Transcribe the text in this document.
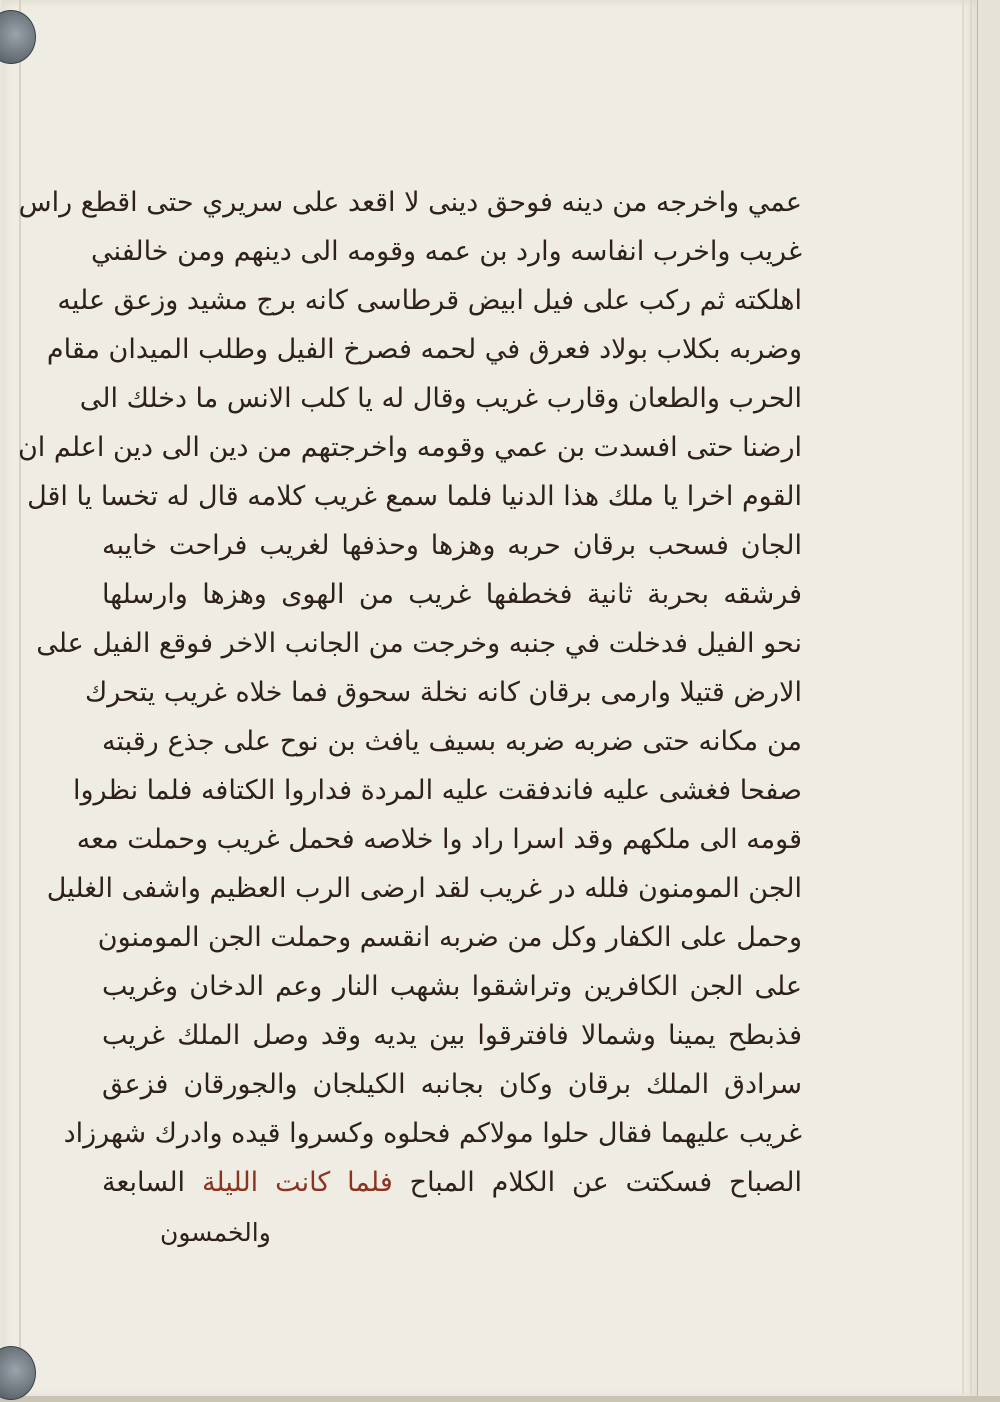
عمي واخرجه من دينه فوحق دينى لا اقعد على سريري حتى اقطع راس
غريب واخرب انفاسه وارد بن عمه وقومه الى دينهم ومن خالفني
اهلكته ثم ركب على فيل ابيض قرطاسى كانه برج مشيد وزعق عليه
وضربه بكلاب بولاد فعرق في لحمه فصرخ الفيل وطلب الميدان مقام
الحرب والطعان وقارب غريب وقال له يا كلب الانس ما دخلك الى
ارضنا حتى افسدت بن عمي وقومه واخرجتهم من دين الى دين اعلم ان
القوم اخرا يا ملك هذا الدنيا فلما سمع غريب كلامه قال له تخسا يا اقل
الجان فسحب برقان حربه وهزها وحذفها لغريب فراحت خايبه
فرشقه بحربة ثانية فخطفها غريب من الهوى وهزها وارسلها
نحو الفيل فدخلت في جنبه وخرجت من الجانب الاخر فوقع الفيل على
الارض قتيلا وارمى برقان كانه نخلة سحوق فما خلاه غريب يتحرك
من مكانه حتى ضربه ضربه بسيف يافث بن نوح على جذع رقبته
صفحا فغشى عليه فاندفقت عليه المردة فداروا الكتافه فلما نظروا
قومه الى ملكهم وقد اسرا راد وا خلاصه فحمل غريب وحملت معه
الجن المومنون فلله در غريب لقد ارضى الرب العظيم واشفى الغليل
وحمل على الكفار وكل من ضربه انقسم وحملت الجن المومنون
على الجن الكافرين وتراشقوا بشهب النار وعم الدخان وغريب
فذبطح يمينا وشمالا فافترقوا بين يديه وقد وصل الملك غريب
سرادق الملك برقان وكان بجانبه الكيلجان والجورقان فزعق
غريب عليهما فقال حلوا مولاكم فحلوه وكسروا قيده وادرك شهرزاد
الصباح فسكتت عن الكلام المباح فلما كانت الليلة السابعة
والخمسون
